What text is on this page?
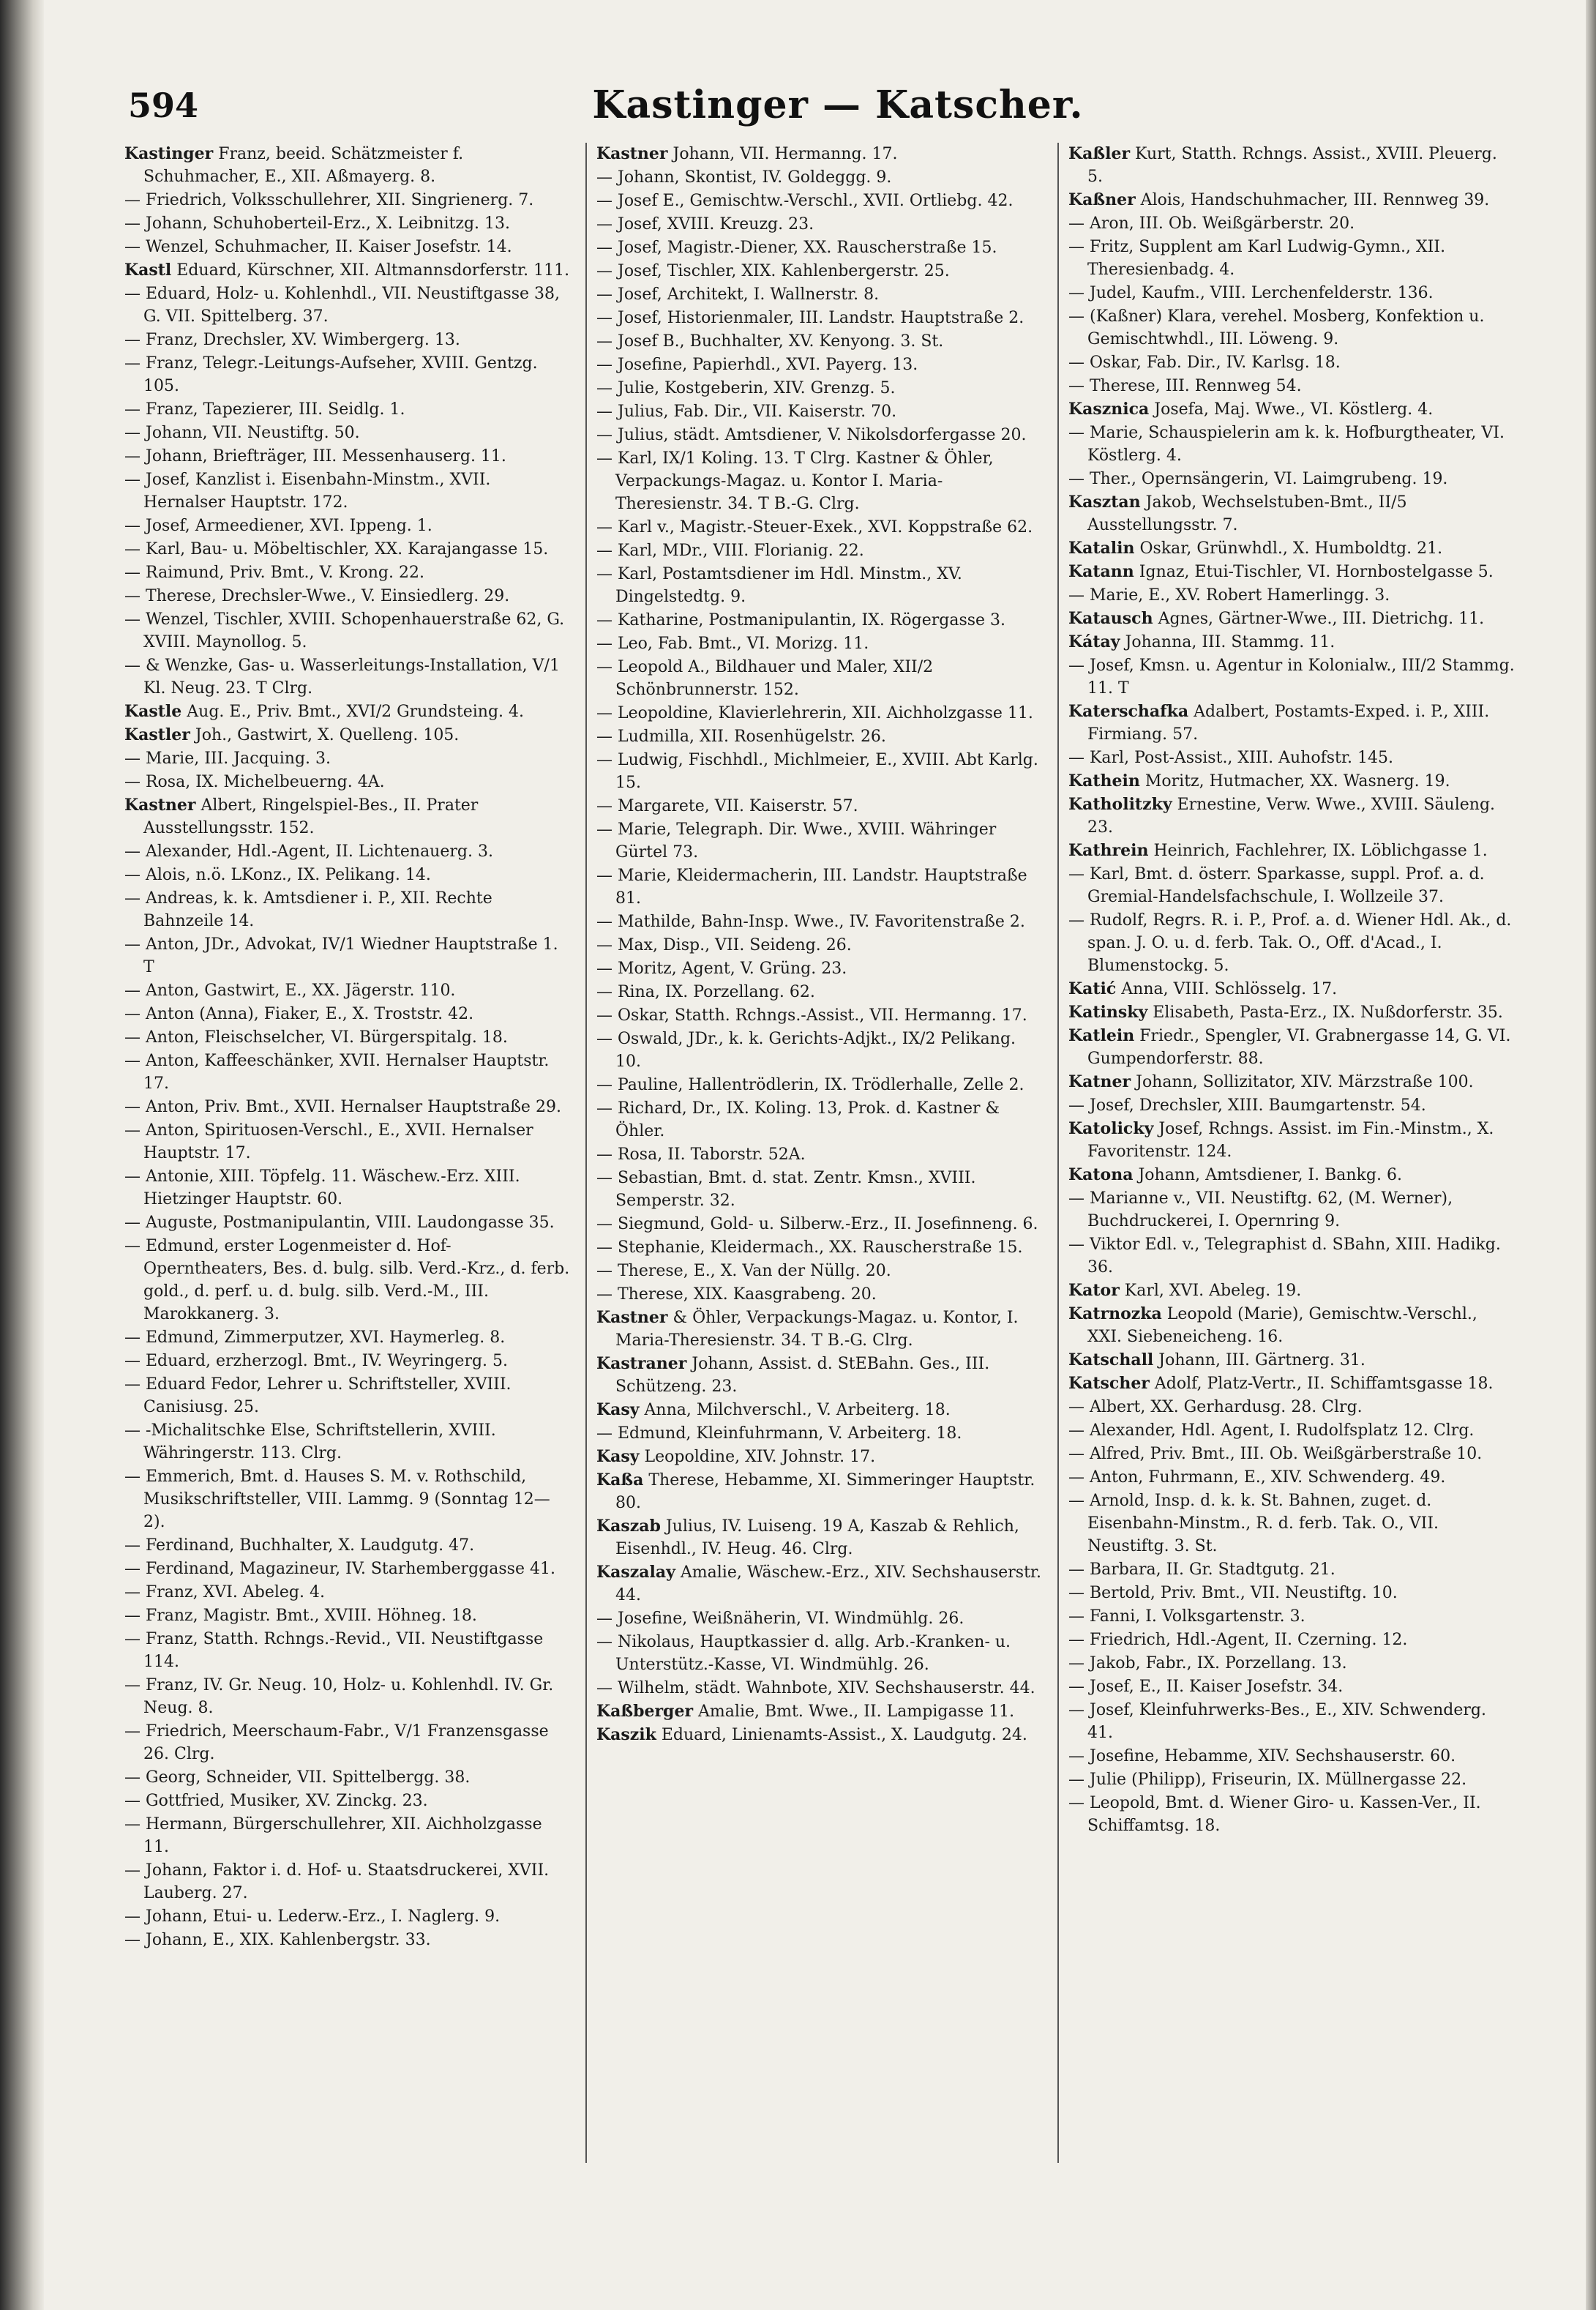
594	Kastinger — Katscher.

Kastinger Franz, beeid. Schätzmeister f. Schuhmacher, E., XII. Aßmayerg. 8.

— Friedrich, Volksschullehrer, XII. Singrienerg. 7.

— Johann, Schuhoberteil-Erz., X. Leibnitzg. 13.

— Wenzel, Schuhmacher, II. Kaiser Josefstr. 14.

Kastl Eduard, Kürschner, XII. Altmannsdorferstr. 111.

— Eduard, Holz- u. Kohlenhdl., VII. Neustiftgasse 38, G. VII. Spittelberg. 37.

— Franz, Drechsler, XV. Wimbergerg. 13.

— Franz, Telegr.-Leitungs-Aufseher, XVIII. Gentzg. 105.

— Franz, Tapezierer, III. Seidlg. 1.

— Johann, VII. Neustiftg. 50.

— Johann, Briefträger, III. Messenhauserg. 11.

— Josef, Kanzlist i. Eisenbahn-Minstm., XVII. Hernalser Hauptstr. 172.

— Josef, Armeediener, XVI. Ippeng. 1.

— Karl, Bau- u. Möbeltischler, XX. Karajangasse 15.

— Raimund, Priv. Bmt., V. Krong. 22.

— Therese, Drechsler-Wwe., V. Einsiedlerg. 29.

— Wenzel, Tischler, XVIII. Schopenhauerstraße 62, G. XVIII. Maynollog. 5.

— & Wenzke, Gas- u. Wasserleitungs-Installation, V/1 Kl. Neug. 23. T Clrg.

Kastle Aug. E., Priv. Bmt., XVI/2 Grundsteing. 4.

Kastler Joh., Gastwirt, X. Quelleng. 105.

— Marie, III. Jacquing. 3.

— Rosa, IX. Michelbeuerng. 4A.

Kastner Albert, Ringelspiel-Bes., II. Prater Ausstellungsstr. 152.

— Alexander, Hdl.-Agent, II. Lichtenauerg. 3.

— Alois, n.ö. LKonz., IX. Pelikang. 14.

— Andreas, k. k. Amtsdiener i. P., XII. Rechte Bahnzeile 14.

— Anton, JDr., Advokat, IV/1 Wiedner Hauptstraße 1. T

— Anton, Gastwirt, E., XX. Jägerstr. 110.

— Anton (Anna), Fiaker, E., X. Troststr. 42.

— Anton, Fleischselcher, VI. Bürgerspitalg. 18.

— Anton, Kaffeeschänker, XVII. Hernalser Hauptstr. 17.

— Anton, Priv. Bmt., XVII. Hernalser Hauptstraße 29.

— Anton, Spirituosen-Verschl., E., XVII. Hernalser Hauptstr. 17.

— Antonie, XIII. Töpfelg. 11. Wäschew.-Erz. XIII. Hietzinger Hauptstr. 60.

— Auguste, Postmanipulantin, VIII. Laudongasse 35.

— Edmund, erster Logenmeister d. Hof-Operntheaters, Bes. d. bulg. silb. Verd.-Krz., d. ferb. gold., d. perf. u. d. bulg. silb. Verd.-M., III. Marokkanerg. 3.

— Edmund, Zimmerputzer, XVI. Haymerleg. 8.

— Eduard, erzherzogl. Bmt., IV. Weyringerg. 5.

— Eduard Fedor, Lehrer u. Schriftsteller, XVIII. Canisiusg. 25.

— -Michalitschke Else, Schriftstellerin, XVIII. Währingerstr. 113. Clrg.

— Emmerich, Bmt. d. Hauses S. M. v. Rothschild, Musikschriftsteller, VIII. Lammg. 9 (Sonntag 12—2).

— Ferdinand, Buchhalter, X. Laudgutg. 47.

— Ferdinand, Magazineur, IV. Starhemberggasse 41.

— Franz, XVI. Abeleg. 4.

— Franz, Magistr. Bmt., XVIII. Höhneg. 18.

— Franz, Statth. Rchngs.-Revid., VII. Neustiftgasse 114.

— Franz, IV. Gr. Neug. 10, Holz- u. Kohlenhdl. IV. Gr. Neug. 8.

— Friedrich, Meerschaum-Fabr., V/1 Franzensgasse 26. Clrg.

— Georg, Schneider, VII. Spittelbergg. 38.

— Gottfried, Musiker, XV. Zinckg. 23.

— Hermann, Bürgerschullehrer, XII. Aichholzgasse 11.

— Johann, Faktor i. d. Hof- u. Staatsdruckerei, XVII. Lauberg. 27.

— Johann, Etui- u. Lederw.-Erz., I. Naglerg. 9.

— Johann, E., XIX. Kahlenbergstr. 33.

Kastner Johann, VII. Hermanng. 17.

— Johann, Skontist, IV. Goldeggg. 9.

— Josef E., Gemischtw.-Verschl., XVII. Ortliebg. 42.

— Josef, XVIII. Kreuzg. 23.

— Josef, Magistr.-Diener, XX. Rauscherstraße 15.

— Josef, Tischler, XIX. Kahlenbergerstr. 25.

— Josef, Architekt, I. Wallnerstr. 8.

— Josef, Historienmaler, III. Landstr. Hauptstraße 2.

— Josef B., Buchhalter, XV. Kenyong. 3. St.

— Josefine, Papierhdl., XVI. Payerg. 13.

— Julie, Kostgeberin, XIV. Grenzg. 5.

— Julius, Fab. Dir., VII. Kaiserstr. 70.

— Julius, städt. Amtsdiener, V. Nikolsdorfergasse 20.

— Karl, IX/1 Koling. 13. T Clrg. Kastner & Öhler, Verpackungs-Magaz. u. Kontor I. Maria-Theresienstr. 34. T B.-G. Clrg.

— Karl v., Magistr.-Steuer-Exek., XVI. Koppstraße 62.

— Karl, MDr., VIII. Florianig. 22.

— Karl, Postamtsdiener im Hdl. Minstm., XV. Dingelstedtg. 9.

— Katharine, Postmanipulantin, IX. Rögergasse 3.

— Leo, Fab. Bmt., VI. Morizg. 11.

— Leopold A., Bildhauer und Maler, XII/2 Schönbrunnerstr. 152.

— Leopoldine, Klavierlehrerin, XII. Aichholzgasse 11.

— Ludmilla, XII. Rosenhügelstr. 26.

— Ludwig, Fischhdl., Michlmeier, E., XVIII. Abt Karlg. 15.

— Margarete, VII. Kaiserstr. 57.

— Marie, Telegraph. Dir. Wwe., XVIII. Währinger Gürtel 73.

— Marie, Kleidermacherin, III. Landstr. Hauptstraße 81.

— Mathilde, Bahn-Insp. Wwe., IV. Favoritenstraße 2.

— Max, Disp., VII. Seideng. 26.

— Moritz, Agent, V. Grüng. 23.

— Rina, IX. Porzellang. 62.

— Oskar, Statth. Rchngs.-Assist., VII. Hermanng. 17.

— Oswald, JDr., k. k. Gerichts-Adjkt., IX/2 Pelikang. 10.

— Pauline, Hallentrödlerin, IX. Trödlerhalle, Zelle 2.

— Richard, Dr., IX. Koling. 13, Prok. d. Kastner & Öhler.

— Rosa, II. Taborstr. 52A.

— Sebastian, Bmt. d. stat. Zentr. Kmsn., XVIII. Semperstr. 32.

— Siegmund, Gold- u. Silberw.-Erz., II. Josefinneng. 6.

— Stephanie, Kleidermach., XX. Rauscherstraße 15.

— Therese, E., X. Van der Nüllg. 20.

— Therese, XIX. Kaasgrabeng. 20.

Kastner & Öhler, Verpackungs-Magaz. u. Kontor, I. Maria-Theresienstr. 34. T B.-G. Clrg.

Kastraner Johann, Assist. d. StEBahn. Ges., III. Schützeng. 23.

Kasy Anna, Milchverschl., V. Arbeiterg. 18.

— Edmund, Kleinfuhrmann, V. Arbeiterg. 18.

Kasy Leopoldine, XIV. Johnstr. 17.

Kaßa Therese, Hebamme, XI. Simmeringer Hauptstr. 80.

Kaszab Julius, IV. Luiseng. 19 A, Kaszab & Rehlich, Eisenhdl., IV. Heug. 46. Clrg.

Kaszalay Amalie, Wäschew.-Erz., XIV. Sechshauserstr. 44.

— Josefine, Weißnäherin, VI. Windmühlg. 26.

— Nikolaus, Hauptkassier d. allg. Arb.-Kranken- u. Unterstütz.-Kasse, VI. Windmühlg. 26.

— Wilhelm, städt. Wahnbote, XIV. Sechshauserstr. 44.

Kaßberger Amalie, Bmt. Wwe., II. Lampigasse 11.

Kaszik Eduard, Linienamts-Assist., X. Laudgutg. 24.

Kaßler Kurt, Statth. Rchngs. Assist., XVIII. Pleuerg. 5.

Kaßner Alois, Handschuhmacher, III. Rennweg 39.

— Aron, III. Ob. Weißgärberstr. 20.

— Fritz, Supplent am Karl Ludwig-Gymn., XII. Theresienbadg. 4.

— Judel, Kaufm., VIII. Lerchenfelderstr. 136.

— (Kaßner) Klara, verehel. Mosberg, Konfektion u. Gemischtwhdl., III. Löweng. 9.

— Oskar, Fab. Dir., IV. Karlsg. 18.

— Therese, III. Rennweg 54.

Kasznica Josefa, Maj. Wwe., VI. Köstlerg. 4.

— Marie, Schauspielerin am k. k. Hofburgtheater, VI. Köstlerg. 4.

— Ther., Opernsängerin, VI. Laimgrubeng. 19.

Kasztan Jakob, Wechselstuben-Bmt., II/5 Ausstellungsstr. 7.

Katalin Oskar, Grünwhdl., X. Humboldtg. 21.

Katann Ignaz, Etui-Tischler, VI. Hornbostelgasse 5.

— Marie, E., XV. Robert Hamerlingg. 3.

Katausch Agnes, Gärtner-Wwe., III. Dietrichg. 11.

Kátay Johanna, III. Stammg. 11.

— Josef, Kmsn. u. Agentur in Kolonialw., III/2 Stammg. 11. T

Katerschafka Adalbert, Postamts-Exped. i. P., XIII. Firmiang. 57.

— Karl, Post-Assist., XIII. Auhofstr. 145.

Kathein Moritz, Hutmacher, XX. Wasnerg. 19.

Katholitzky Ernestine, Verw. Wwe., XVIII. Säuleng. 23.

Kathrein Heinrich, Fachlehrer, IX. Löblichgasse 1.

— Karl, Bmt. d. österr. Sparkasse, suppl. Prof. a. d. Gremial-Handelsfachschule, I. Wollzeile 37.

— Rudolf, Regrs. R. i. P., Prof. a. d. Wiener Hdl. Ak., d. span. J. O. u. d. ferb. Tak. O., Off. d'Acad., I. Blumenstockg. 5.

Katić Anna, VIII. Schlösselg. 17.

Katinsky Elisabeth, Pasta-Erz., IX. Nußdorferstr. 35.

Katlein Friedr., Spengler, VI. Grabnergasse 14, G. VI. Gumpendorferstr. 88.

Katner Johann, Sollizitator, XIV. Märzstraße 100.

— Josef, Drechsler, XIII. Baumgartenstr. 54.

Katolicky Josef, Rchngs. Assist. im Fin.-Minstm., X. Favoritenstr. 124.

Katona Johann, Amtsdiener, I. Bankg. 6.

— Marianne v., VII. Neustiftg. 62, (M. Werner), Buchdruckerei, I. Opernring 9.

— Viktor Edl. v., Telegraphist d. SBahn, XIII. Hadikg. 36.

Kator Karl, XVI. Abeleg. 19.

Katrnozka Leopold (Marie), Gemischtw.-Verschl., XXI. Siebeneicheng. 16.

Katschall Johann, III. Gärtnerg. 31.

Katscher Adolf, Platz-Vertr., II. Schiffamtsgasse 18.

— Albert, XX. Gerhardusg. 28. Clrg.

— Alexander, Hdl. Agent, I. Rudolfsplatz 12. Clrg.

— Alfred, Priv. Bmt., III. Ob. Weißgärberstraße 10.

— Anton, Fuhrmann, E., XIV. Schwenderg. 49.

— Arnold, Insp. d. k. k. St. Bahnen, zuget. d. Eisenbahn-Minstm., R. d. ferb. Tak. O., VII. Neustiftg. 3. St.

— Barbara, II. Gr. Stadtgutg. 21.

— Bertold, Priv. Bmt., VII. Neustiftg. 10.

— Fanni, I. Volksgartenstr. 3.

— Friedrich, Hdl.-Agent, II. Czerning. 12.

— Jakob, Fabr., IX. Porzellang. 13.

— Josef, E., II. Kaiser Josefstr. 34.

— Josef, Kleinfuhrwerks-Bes., E., XIV. Schwenderg. 41.

— Josefine, Hebamme, XIV. Sechshauserstr. 60.

— Julie (Philipp), Friseurin, IX. Müllnergasse 22.

— Leopold, Bmt. d. Wiener Giro- u. Kassen-Ver., II. Schiffamtsg. 18.
